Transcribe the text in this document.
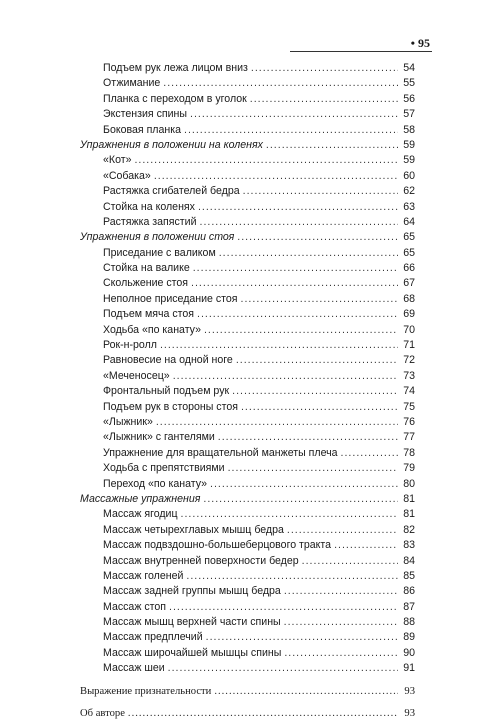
• 95
Подъем рук лежа лицом вниз .....	54
Отжимание .....	55
Планка с переходом в уголок .....	56
Экстензия спины .....	57
Боковая планка .....	58
Упражнения в положении на коленях .....	59
«Кот» .....	59
«Собака» .....	60
Растяжка сгибателей бедра .....	62
Стойка на коленях .....	63
Растяжка запястий .....	64
Упражнения в положении стоя .....	65
Приседание с валиком .....	65
Стойка на валике .....	66
Скольжение стоя .....	67
Неполное приседание стоя .....	68
Подъем мяча стоя .....	69
Ходьба «по канату» .....	70
Рок-н-ролл .....	71
Равновесие на одной ноге .....	72
«Меченосец» .....	73
Фронтальный подъем рук .....	74
Подъем рук в стороны стоя .....	75
«Лыжник» .....	76
«Лыжник» с гантелями .....	77
Упражнение для вращательной манжеты плеча .....	78
Ходьба с препятствиями .....	79
Переход «по канату» .....	80
Массажные упражнения .....	81
Массаж ягодиц .....	81
Массаж четырехглавых мышц бедра .....	82
Массаж подвздошно-большеберцового тракта .....	83
Массаж внутренней поверхности бедер .....	84
Массаж голеней .....	85
Массаж задней группы мышц бедра .....	86
Массаж стоп .....	87
Массаж мышц верхней части спины .....	88
Массаж предплечий .....	89
Массаж широчайшей мышцы спины .....	90
Массаж шеи .....	91
Выражение признательности .....	93
Об авторе .....	93
